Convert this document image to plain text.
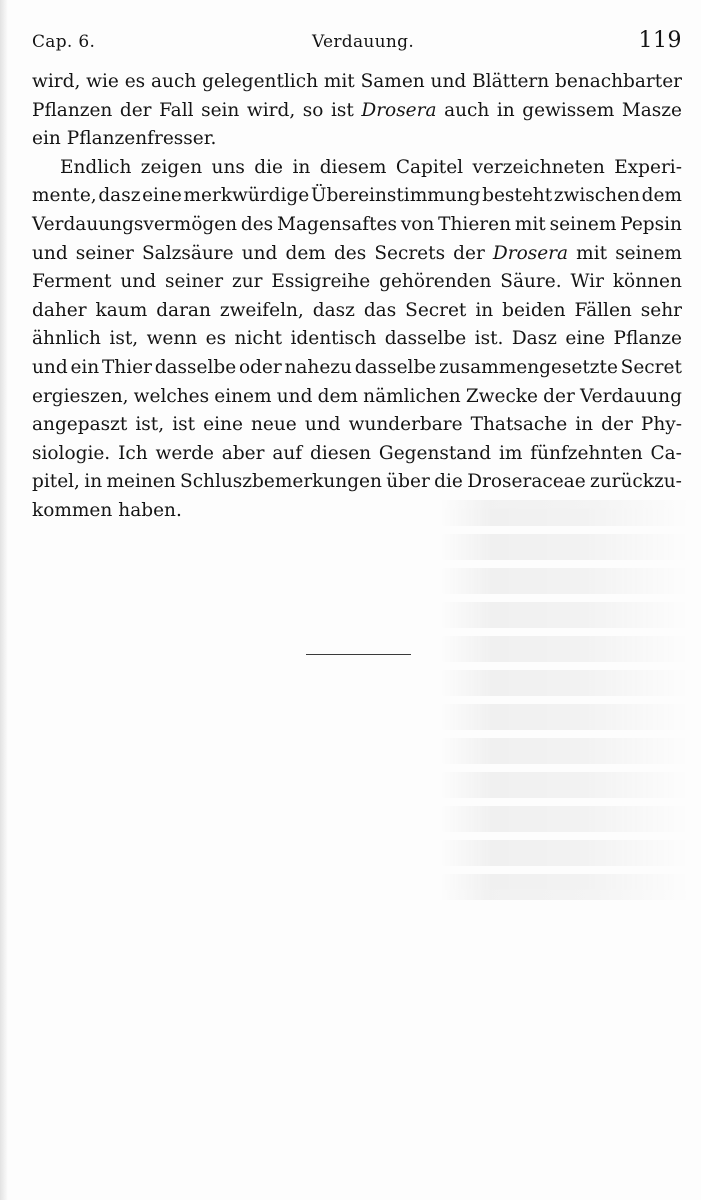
Cap. 6.	Verdauung.	119
wird, wie es auch gelegentlich mit Samen und Blättern benachbarter
Pflanzen der Fall sein wird, so ist Drosera auch in gewissem Masze
ein Pflanzenfresser.
Endlich zeigen uns die in diesem Capitel verzeichneten Experi-
mente, dasz eine merkwürdige Übereinstimmung besteht zwischen dem
Verdauungsvermögen des Magensaftes von Thieren mit seinem Pepsin
und seiner Salzsäure und dem des Secrets der Drosera mit seinem
Ferment und seiner zur Essigreihe gehörenden Säure. Wir können
daher kaum daran zweifeln, dasz das Secret in beiden Fällen sehr
ähnlich ist, wenn es nicht identisch dasselbe ist. Dasz eine Pflanze
und ein Thier dasselbe oder nahezu dasselbe zusammengesetzte Secret
ergieszen, welches einem und dem nämlichen Zwecke der Verdauung
angepaszt ist, ist eine neue und wunderbare Thatsache in der Phy-
siologie. Ich werde aber auf diesen Gegenstand im fünfzehnten Ca-
pitel, in meinen Schluszbemerkungen über die Droseraceae zurückzu-
kommen haben.
